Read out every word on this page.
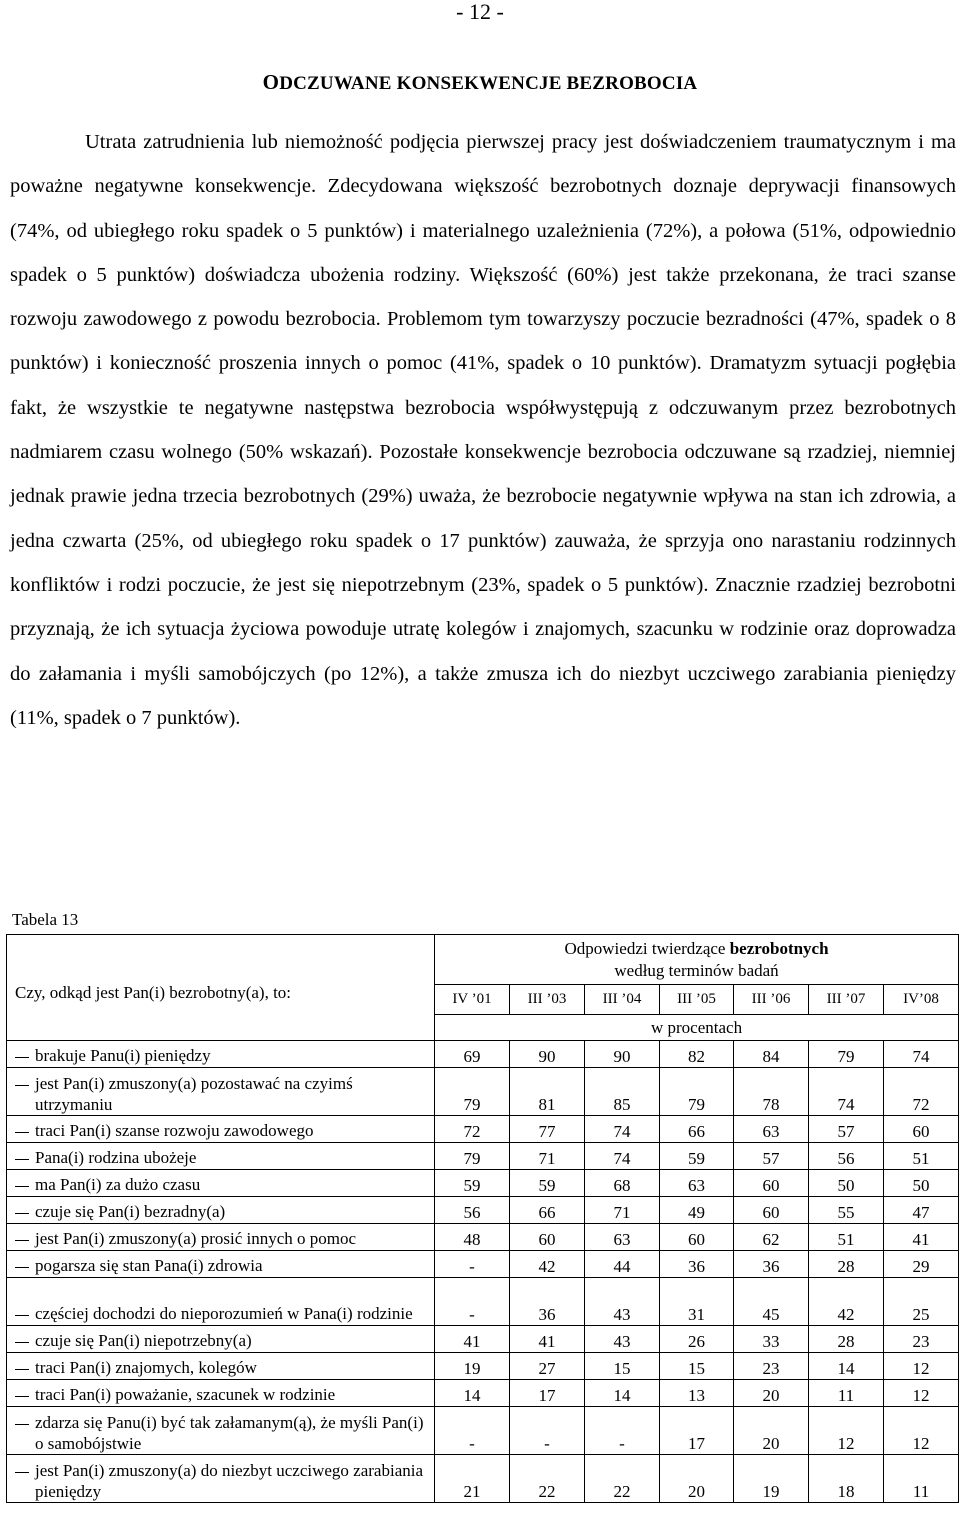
- 12 -
ODCZUWANE KONSEKWENCJE BEZROBOCIA

Utrata zatrudnienia lub niemożność podjęcia pierwszej pracy jest doświadczeniem traumatycznym i ma poważne negatywne konsekwencje. Zdecydowana większość bezrobotnych doznaje deprywacji finansowych (74%, od ubiegłego roku spadek o 5 punktów) i materialnego uzależnienia (72%), a połowa (51%, odpowiednio spadek o 5 punktów) doświadcza ubożenia rodziny. Większość (60%) jest także przekonana, że traci szanse rozwoju zawodowego z powodu bezrobocia. Problemom tym towarzyszy poczucie bezradności (47%, spadek o 8 punktów) i konieczność proszenia innych o pomoc (41%, spadek o 10 punktów). Dramatyzm sytuacji pogłębia fakt, że wszystkie te negatywne następstwa bezrobocia współwystępują z odczuwanym przez bezrobotnych nadmiarem czasu wolnego (50% wskazań). Pozostałe konsekwencje bezrobocia odczuwane są rzadziej, niemniej jednak prawie jedna trzecia bezrobotnych (29%) uważa, że bezrobocie negatywnie wpływa na stan ich zdrowia, a jedna czwarta (25%, od ubiegłego roku spadek o 17 punktów) zauważa, że sprzyja ono narastaniu rodzinnych konfliktów i rodzi poczucie, że jest się niepotrzebnym (23%, spadek o 5 punktów). Znacznie rzadziej bezrobotni przyznają, że ich sytuacja życiowa powoduje utratę kolegów i znajomych, szacunku w rodzinie oraz doprowadza do załamania i myśli samobójczych (po 12%), a także zmusza ich do niezbyt uczciwego zarabiania pieniędzy (11%, spadek o 7 punktów).

Tabela 13
Czy, odkąd jest Pan(i) bezrobotny(a), to:	Odpowiedzi twierdzące bezrobotnych
według terminów badań						
	IV ’01	III ’03	III ’04	III ’05	III ’06	III ’07	IV’08
	w procentach						

brakuje Panu(i) pieniędzy	69	90	90	82	84	79	74

jest Pan(i) zmuszony(a) pozostawać na czyimś utrzymaniu	79	81	85	79	78	74	72

traci Pan(i) szanse rozwoju zawodowego	72	77	74	66	63	57	60

Pana(i) rodzina ubożeje	79	71	74	59	57	56	51

ma Pan(i) za dużo czasu	59	59	68	63	60	50	50

czuje się Pan(i) bezradny(a)	56	66	71	49	60	55	47

jest Pan(i) zmuszony(a) prosić innych o pomoc	48	60	63	60	62	51	41

pogarsza się stan Pana(i) zdrowia	-	42	44	36	36	28	29

częściej dochodzi do nieporozumień w Pana(i) rodzinie	-	36	43	31	45	42	25

czuje się Pan(i) niepotrzebny(a)	41	41	43	26	33	28	23

traci Pan(i) znajomych, kolegów	19	27	15	15	23	14	12

traci Pan(i) poważanie, szacunek w rodzinie	14	17	14	13	20	11	12

zdarza się Panu(i) być tak załamanym(ą), że myśli Pan(i) o samobójstwie	-	-	-	17	20	12	12

jest Pan(i) zmuszony(a) do niezbyt uczciwego zarabiania pieniędzy	21	22	22	20	19	18	11
